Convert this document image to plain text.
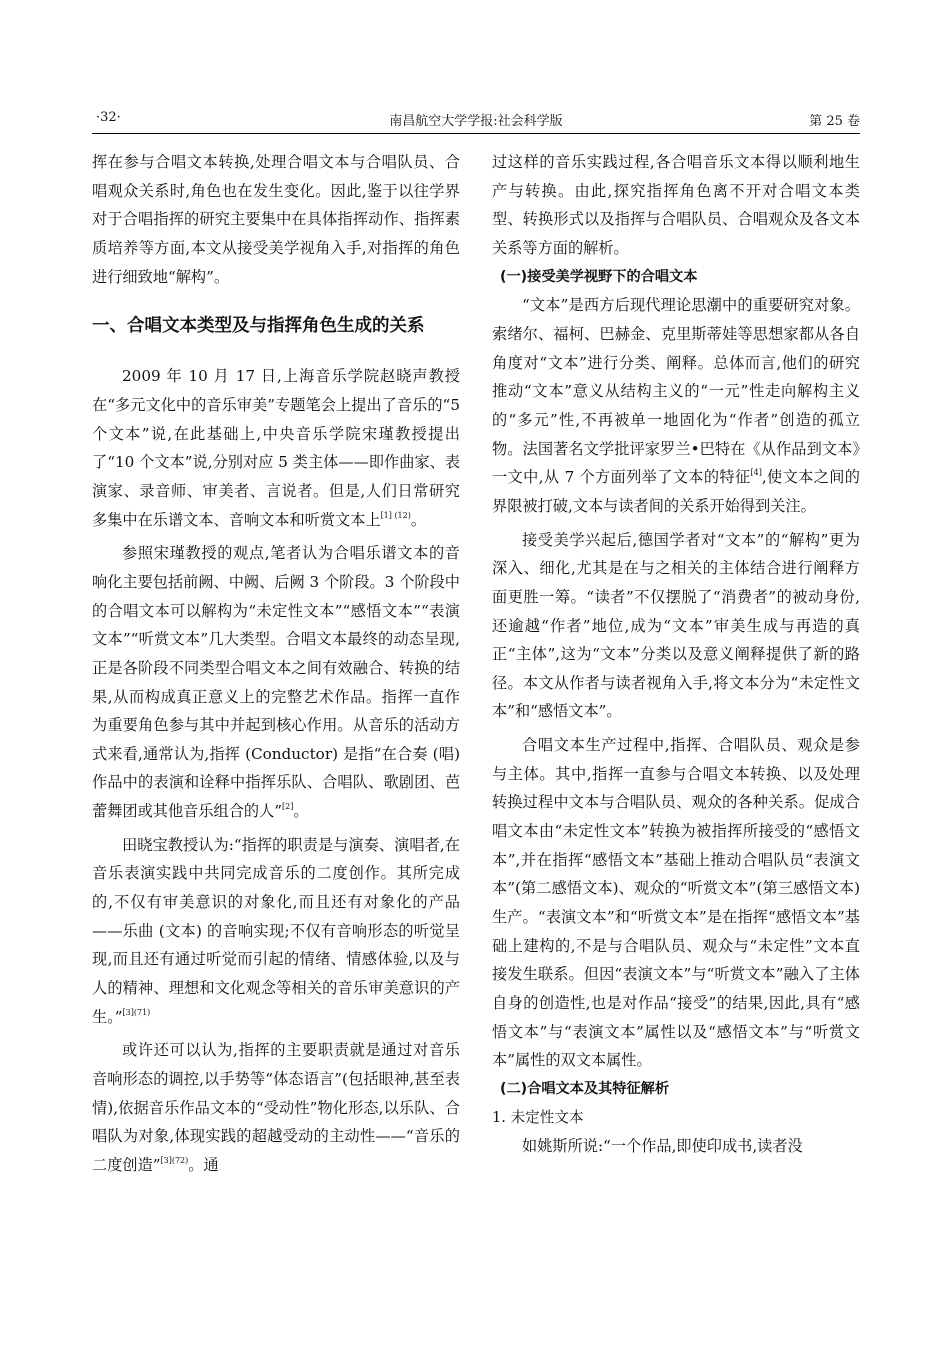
·32·	南昌航空大学学报:社会科学版	第 25 卷

挥在参与合唱文本转换,处理合唱文本与合唱队员、合唱观众关系时,角色也在发生变化。因此,鉴于以往学界对于合唱指挥的研究主要集中在具体指挥动作、指挥素质培养等方面,本文从接受美学视角入手,对指挥的角色进行细致地“解构”。

一、合唱文本类型及与指挥角色生成的关系

2009 年 10 月 17 日,上海音乐学院赵晓声教授在“多元文化中的音乐审美”专题笔会上提出了音乐的“5 个文本”说,在此基础上,中央音乐学院宋瑾教授提出了“10 个文本”说,分别对应 5 类主体——即作曲家、表演家、录音师、审美者、言说者。但是,人们日常研究多集中在乐谱文本、音响文本和听赏文本上$^{[1] (12)}$。

参照宋瑾教授的观点,笔者认为合唱乐谱文本的音响化主要包括前阙、中阙、后阙 3 个阶段。3 个阶段中的合唱文本可以解构为“未定性文本”“感悟文本”“表演文本”“听赏文本”几大类型。合唱文本最终的动态呈现,正是各阶段不同类型合唱文本之间有效融合、转换的结果,从而构成真正意义上的完整艺术作品。指挥一直作为重要角色参与其中并起到核心作用。从音乐的活动方式来看,通常认为,指挥 (Conductor) 是指“在合奏 (唱) 作品中的表演和诠释中指挥乐队、合唱队、歌剧团、芭蕾舞团或其他音乐组合的人”[2]。

田晓宝教授认为:“指挥的职责是与演奏、演唱者,在音乐表演实践中共同完成音乐的二度创作。其所完成的,不仅有审美意识的对象化,而且还有对象化的产品——乐曲 (文本) 的音响实现;不仅有音响形态的听觉呈现,而且还有通过听觉而引起的情绪、情感体验,以及与人的精神、理想和文化观念等相关的音乐审美意识的产生。”$^{[3](71)}$

或许还可以认为,指挥的主要职责就是通过对音乐音响形态的调控,以手势等“体态语言”(包括眼神,甚至表情),依据音乐作品文本的“受动性”物化形态,以乐队、合唱队为对象,体现实践的超越受动的主动性——“音乐的二度创造”$^{[3](72)}$。通

过这样的音乐实践过程,各合唱音乐文本得以顺利地生产与转换。由此,探究指挥角色离不开对合唱文本类型、转换形式以及指挥与合唱队员、合唱观众及各文本关系等方面的解析。

(一)接受美学视野下的合唱文本

“文本”是西方后现代理论思潮中的重要研究对象。索绪尔、福柯、巴赫金、克里斯蒂娃等思想家都从各自角度对“文本”进行分类、阐释。总体而言,他们的研究推动“文本”意义从结构主义的“一元”性走向解构主义的“多元”性,不再被单一地固化为“作者”创造的孤立物。法国著名文学批评家罗兰•巴特在《从作品到文本》一文中,从 7 个方面列举了文本的特征[4],使文本之间的界限被打破,文本与读者间的关系开始得到关注。

接受美学兴起后,德国学者对“文本”的“解构”更为深入、细化,尤其是在与之相关的主体结合进行阐释方面更胜一筹。“读者”不仅摆脱了“消费者”的被动身份,还逾越“作者”地位,成为“文本”审美生成与再造的真正“主体”,这为“文本”分类以及意义阐释提供了新的路径。本文从作者与读者视角入手,将文本分为“未定性文本”和“感悟文本”。

合唱文本生产过程中,指挥、合唱队员、观众是参与主体。其中,指挥一直参与合唱文本转换、以及处理转换过程中文本与合唱队员、观众的各种关系。促成合唱文本由“未定性文本”转换为被指挥所接受的“感悟文本”,并在指挥“感悟文本”基础上推动合唱队员“表演文本”(第二感悟文本)、观众的“听赏文本”(第三感悟文本)生产。“表演文本”和“听赏文本”是在指挥“感悟文本”基础上建构的,不是与合唱队员、观众与“未定性”文本直接发生联系。但因“表演文本”与“听赏文本”融入了主体自身的创造性,也是对作品“接受”的结果,因此,具有“感悟文本”与“表演文本”属性以及“感悟文本”与“听赏文本”属性的双文本属性。

(二)合唱文本及其特征解析

1. 未定性文本

如姚斯所说:“一个作品,即使印成书,读者没
